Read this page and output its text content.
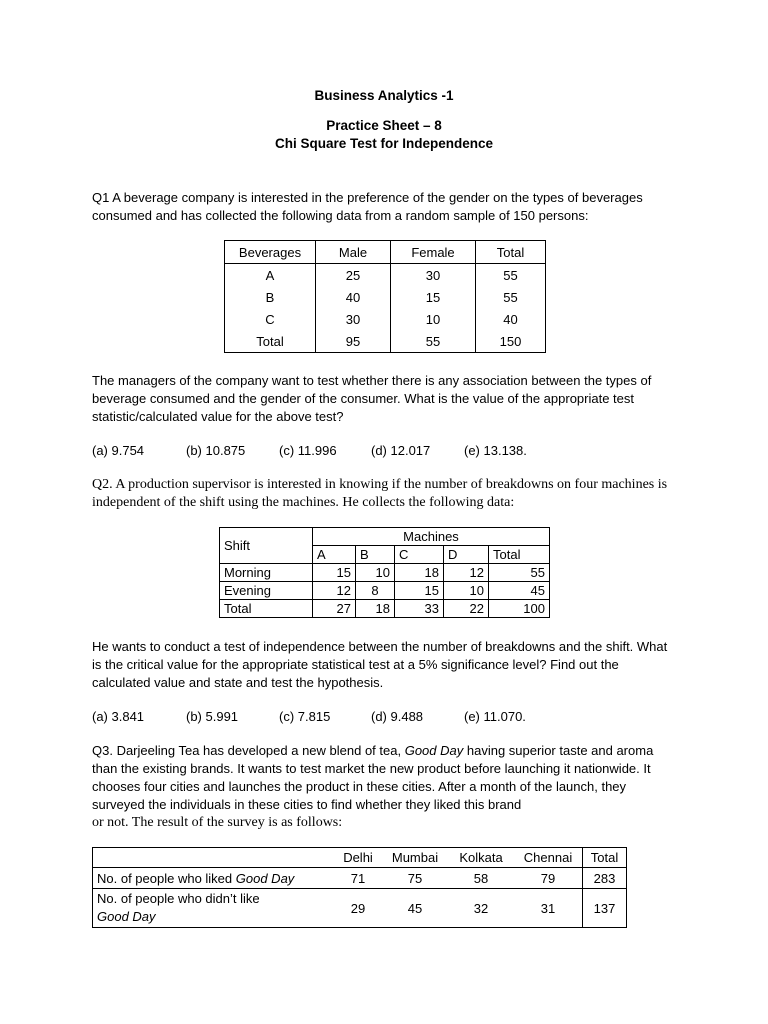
Business Analytics -1
Practice Sheet – 8
Chi Square Test for Independence
Q1 A beverage company is interested in the preference of the gender on the types of beverages consumed and has collected the following data from a random sample of 150 persons:
Beverages	Male	Female	Total
A	25	30	55
B	40	15	55
C	30	10	40
Total	95	55	150
The managers of the company want to test whether there is any association between the types of beverage consumed and the gender of the consumer. What is the value of the appropriate test statistic/calculated value for the above test?
(a) 9.754	(b) 10.875	(c) 11.996	(d) 12.017	(e) 13.138.
Q2. A production supervisor is interested in knowing if the number of breakdowns on four machines is independent of the shift using the machines. He collects the following data:
Shift	Machines				
	A	B	C	D	Total
Morning	15	10	18	12	55
Evening	12	8	15	10	45
Total	27	18	33	22	100
He wants to conduct a test of independence between the number of breakdowns and the shift. What is the critical value for the appropriate statistical test at a 5% significance level? Find out the calculated value and state and test the hypothesis.
(a) 3.841	(b) 5.991	(c) 7.815	(d) 9.488	(e) 11.070.
Q3. Darjeeling Tea has developed a new blend of tea, Good Day having superior taste and aroma than the existing brands. It wants to test market the new product before launching it nationwide. It chooses four cities and launches the product in these cities. After a month of the launch, they surveyed the individuals in these cities to find whether they liked this brand
or not. The result of the survey is as follows:
	Delhi	Mumbai	Kolkata	Chennai	Total
No. of people who liked Good Day	71	75	58	79	283
No. of people who didn’t like
Good Day	29	45	32	31	137
